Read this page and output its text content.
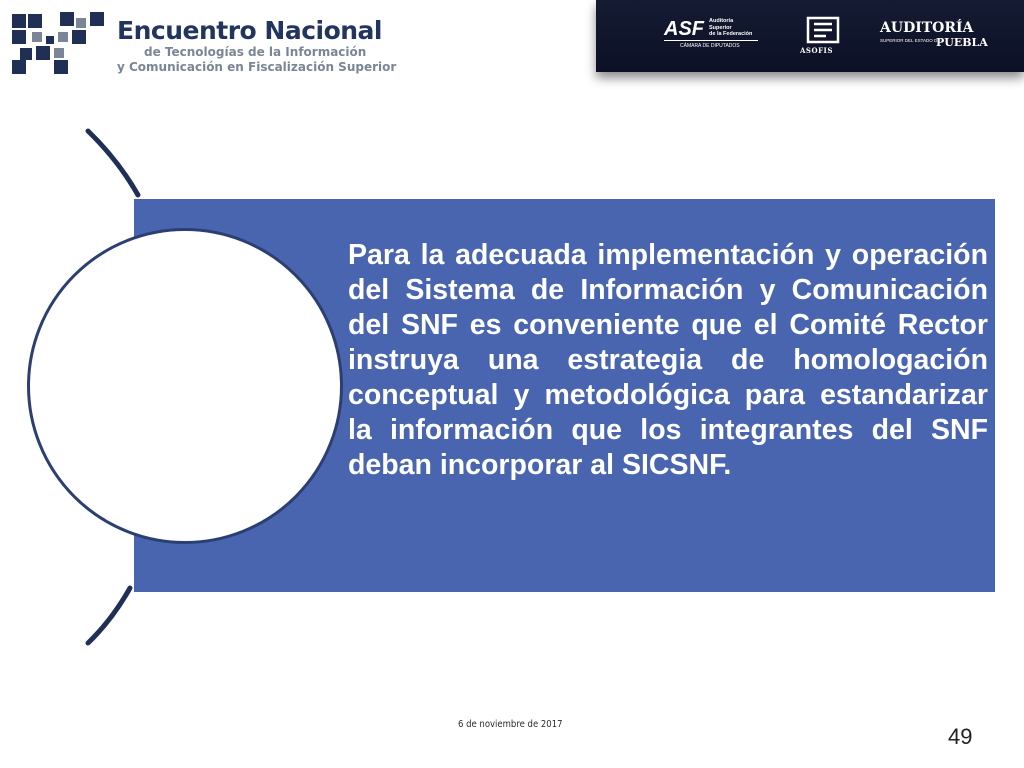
Encuentro Nacional
de Tecnologías de la Información
y Comunicación en Fiscalización Superior
ASF Auditoría
Superior
de la Federación
CÁMARA DE DIPUTADOS	ASOFIS
AUDITORÍA
SUPERIOR DEL ESTADO DE
PUEBLA
Para la adecuada implementación y operación del Sistema de Información y Comunicación del SNF es conveniente que el Comité Rector instruya una estrategia de homologación conceptual y metodológica para estandarizar la información que los integrantes del SNF deban incorporar al SICSNF.
6 de noviembre de 2017	49
